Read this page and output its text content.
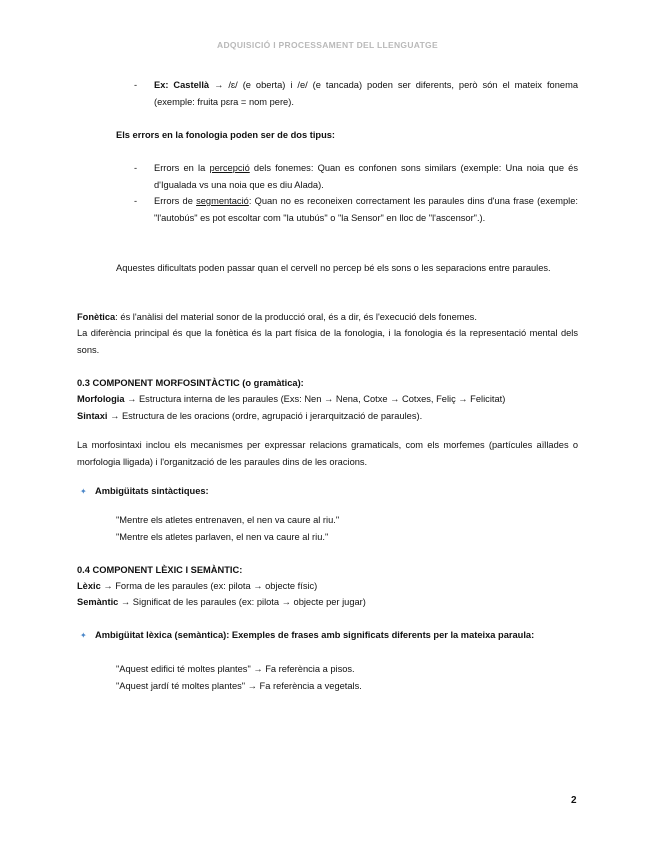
ADQUISICIÓ I PROCESSAMENT DEL LLENGUATGE
- Ex: Castellà → /ɛ/ (e oberta) i /e/ (e tancada) poden ser diferents, però són el mateix fonema (exemple: fruita pɛra = nom pere).
Els errors en la fonologia poden ser de dos tipus:
- Errors en la percepció dels fonemes: Quan es confonen sons similars (exemple: Una noia que és d'Igualada vs una noia que es diu Alada).
- Errors de segmentació: Quan no es reconeixen correctament les paraules dins d'una frase (exemple: "l'autobús" es pot escoltar com "la utubús" o "la Sensor" en lloc de "l'ascensor".).
Aquestes dificultats poden passar quan el cervell no percep bé els sons o les separacions entre paraules.
Fonètica: és l'anàlisi del material sonor de la producció oral, és a dir, és l'execució dels fonemes.
La diferència principal és que la fonètica és la part física de la fonologia, i la fonologia és la representació mental dels sons.
0.3 COMPONENT MORFOSINTÀCTIC (o gramàtica):
Morfologia → Estructura interna de les paraules (Exs: Nen → Nena, Cotxe → Cotxes, Feliç → Felicitat)
Sintaxi → Estructura de les oracions (ordre, agrupació i jerarquització de paraules).
La morfosintaxi inclou els mecanismes per expressar relacions gramaticals, com els morfemes (partícules aïllades o morfologia lligada) i l'organització de les paraules dins de les oracions.
✦ Ambigüitats sintàctiques:
"Mentre els atletes entrenaven, el nen va caure al riu."
"Mentre els atletes parlaven, el nen va caure al riu."
0.4 COMPONENT LÈXIC I SEMÀNTIC:
Lèxic → Forma de les paraules (ex: pilota → objecte físic)
Semàntic → Significat de les paraules (ex: pilota → objecte per jugar)
✦ Ambigüitat lèxica (semàntica): Exemples de frases amb significats diferents per la mateixa paraula:
"Aquest edifici té moltes plantes" → Fa referència a pisos.
"Aquest jardí té moltes plantes" → Fa referència a vegetals.
2
